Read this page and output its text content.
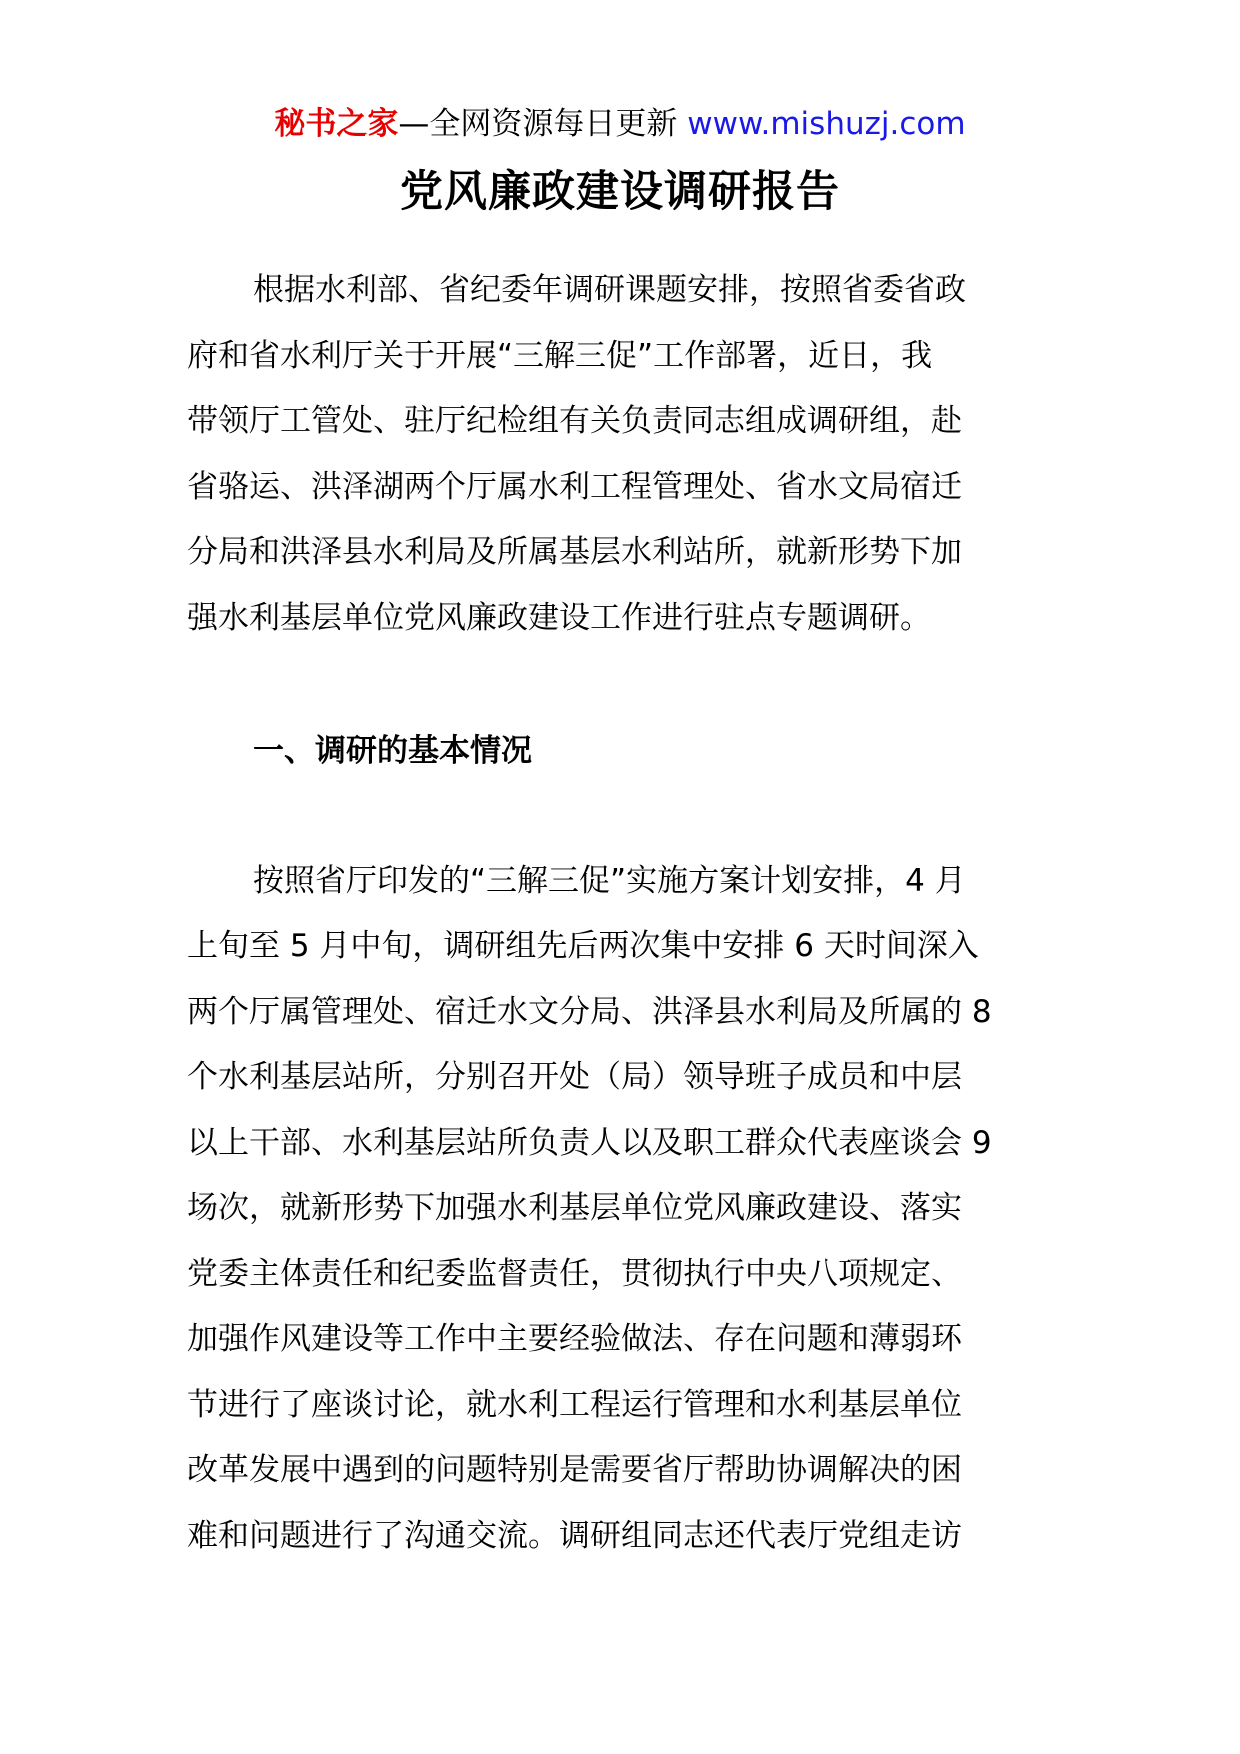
秘书之家—全网资源每日更新 www.mishuzj.com
党风廉政建设调研报告

根据水利部、省纪委年调研课题安排，按照省委省政
府和省水利厅关于开展“三解三促”工作部署，近日，我
带领厅工管处、驻厅纪检组有关负责同志组成调研组，赴
省骆运、洪泽湖两个厅属水利工程管理处、省水文局宿迁
分局和洪泽县水利局及所属基层水利站所，就新形势下加
强水利基层单位党风廉政建设工作进行驻点专题调研。

一、调研的基本情况

按照省厅印发的“三解三促”实施方案计划安排，4 月
上旬至 5 月中旬，调研组先后两次集中安排 6 天时间深入
两个厅属管理处、宿迁水文分局、洪泽县水利局及所属的 8
个水利基层站所，分别召开处（局）领导班子成员和中层
以上干部、水利基层站所负责人以及职工群众代表座谈会 9
场次，就新形势下加强水利基层单位党风廉政建设、落实
党委主体责任和纪委监督责任，贯彻执行中央八项规定、
加强作风建设等工作中主要经验做法、存在问题和薄弱环
节进行了座谈讨论，就水利工程运行管理和水利基层单位
改革发展中遇到的问题特别是需要省厅帮助协调解决的困
难和问题进行了沟通交流。调研组同志还代表厅党组走访
